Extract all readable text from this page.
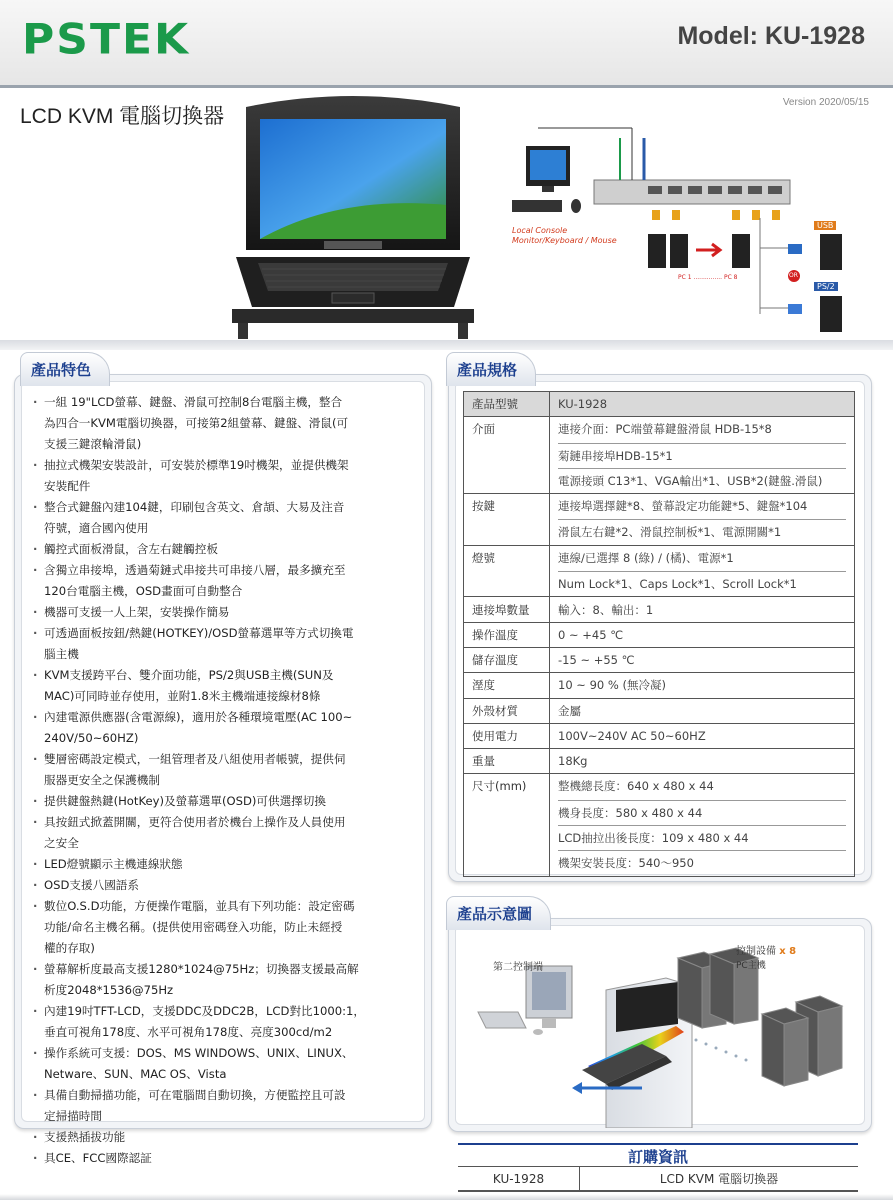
PSTEK	Model: KU-1928
Version 2020/05/15
LCD KVM 電腦切換器
Local Console
Monitor/Keyboard / Mouse
USB
PS/2
OR
PC 1 ............... PC 8
產品特色
· 一組 19"LCD螢幕、鍵盤、滑鼠可控制8台電腦主機，整合
為四合一KVM電腦切換器，可接第2組螢幕、鍵盤、滑鼠(可
支援三鍵滾輪滑鼠)
· 抽拉式機架安裝設計，可安裝於標準19吋機架，並提供機架
安裝配件
· 整合式鍵盤內建104鍵，印刷包含英文、倉頡、大易及注音
符號，適合國內使用
· 觸控式面板滑鼠，含左右鍵觸控板
· 含獨立串接埠，透過菊鏈式串接共可串接八層，最多擴充至
120台電腦主機，OSD畫面可自動整合
· 機器可支援一人上架，安裝操作簡易
· 可透過面板按鈕/熱鍵(HOTKEY)/OSD螢幕選單等方式切換電
腦主機
· KVM支援跨平台、雙介面功能，PS/2與USB主機(SUN及
MAC)可同時並存使用，並附1.8米主機端連接線材8條
· 內建電源供應器(含電源線)，適用於各種環境電壓(AC 100~
240V/50~60HZ)
· 雙層密碼設定模式，一組管理者及八組使用者帳號，提供伺
服器更安全之保護機制
· 提供鍵盤熱鍵(HotKey)及螢幕選單(OSD)可供選擇切換
· 具按鈕式掀蓋開關，更符合使用者於機台上操作及人員使用
之安全
· LED燈號顯示主機連線狀態
· OSD支援八國語系
· 數位O.S.D功能，方便操作電腦，並具有下列功能：設定密碼
功能/命名主機名稱。(提供使用密碼登入功能，防止未經授
權的存取)
· 螢幕解析度最高支援1280*1024@75Hz；切換器支援最高解
析度2048*1536@75Hz
· 內建19吋TFT-LCD，支援DDC及DDC2B，LCD對比1000:1，
垂直可視角178度、水平可視角178度、亮度300cd/m2
· 操作系統可支援：DOS、MS WINDOWS、UNIX、LINUX、
Netware、SUN、MAC OS、Vista
· 具備自動掃描功能，可在電腦間自動切換，方便監控且可設
定掃描時間
· 支援熱插拔功能
· 具CE、FCC國際認証
產品規格
產品型號	KU-1928
介面	連接介面：PC端螢幕鍵盤滑鼠 HDB-15*8
菊鏈串接埠HDB-15*1
電源接頭 C13*1、VGA輸出*1、USB*2(鍵盤.滑鼠)

按鍵	連接埠選擇鍵*8、螢幕設定功能鍵*5、鍵盤*104
滑鼠左右鍵*2、滑鼠控制板*1、電源開關*1

燈號	連線/已選擇 8 (綠) / (橘)、電源*1
Num Lock*1、Caps Lock*1、Scroll Lock*1

連接埠數量	輸入：8、輸出：1
操作溫度	0 ~ +45 ℃
儲存溫度	-15 ~ +55 ℃
溼度	10 ~ 90 % (無冷凝)
外殼材質	金屬
使用電力	100V~240V AC 50~60HZ
重量	18Kg
尺寸(mm)	整機總長度：640 x 480 x 44
機身長度：580 x 480 x 44
LCD抽拉出後長度：109 x 480 x 44
機架安裝長度：540～950
產品示意圖
第二控制端
控制設備 x 8
PC主機
訂購資訊
KU-1928	LCD KVM 電腦切換器
